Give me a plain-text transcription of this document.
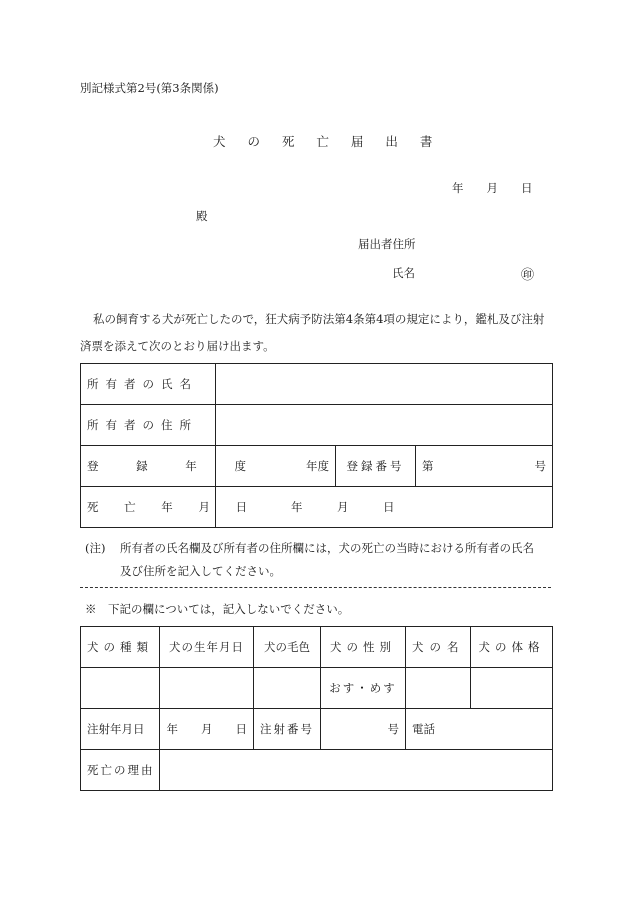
別記様式第2号(第3条関係)
犬 の 死 亡 届 出 書
年　　月　　日
殿
届出者住所
氏名	㊞
私の飼育する犬が死亡したので，狂犬病予防法第4条第4項の規定により，鑑札及び注射
済票を添えて次のとおり届け出ます。
所有者の氏名			
所有者の住所			
登 録 年 度	年度	登録番号	第 号

死 亡 年 月 日	年　　　月　　　日		
(注) 所有者の氏名欄及び所有者の住所欄には，犬の死亡の当時における所有者の氏名
及び住所を記入してください。
※　下記の欄については，記入しないでください。
犬の種類	犬の生年月日	犬の毛色	犬の性別	犬の名	犬の体格
			おす・めす		
注射年月日	年　　月　　日	注射番号	号	電話	
死亡の理由					
